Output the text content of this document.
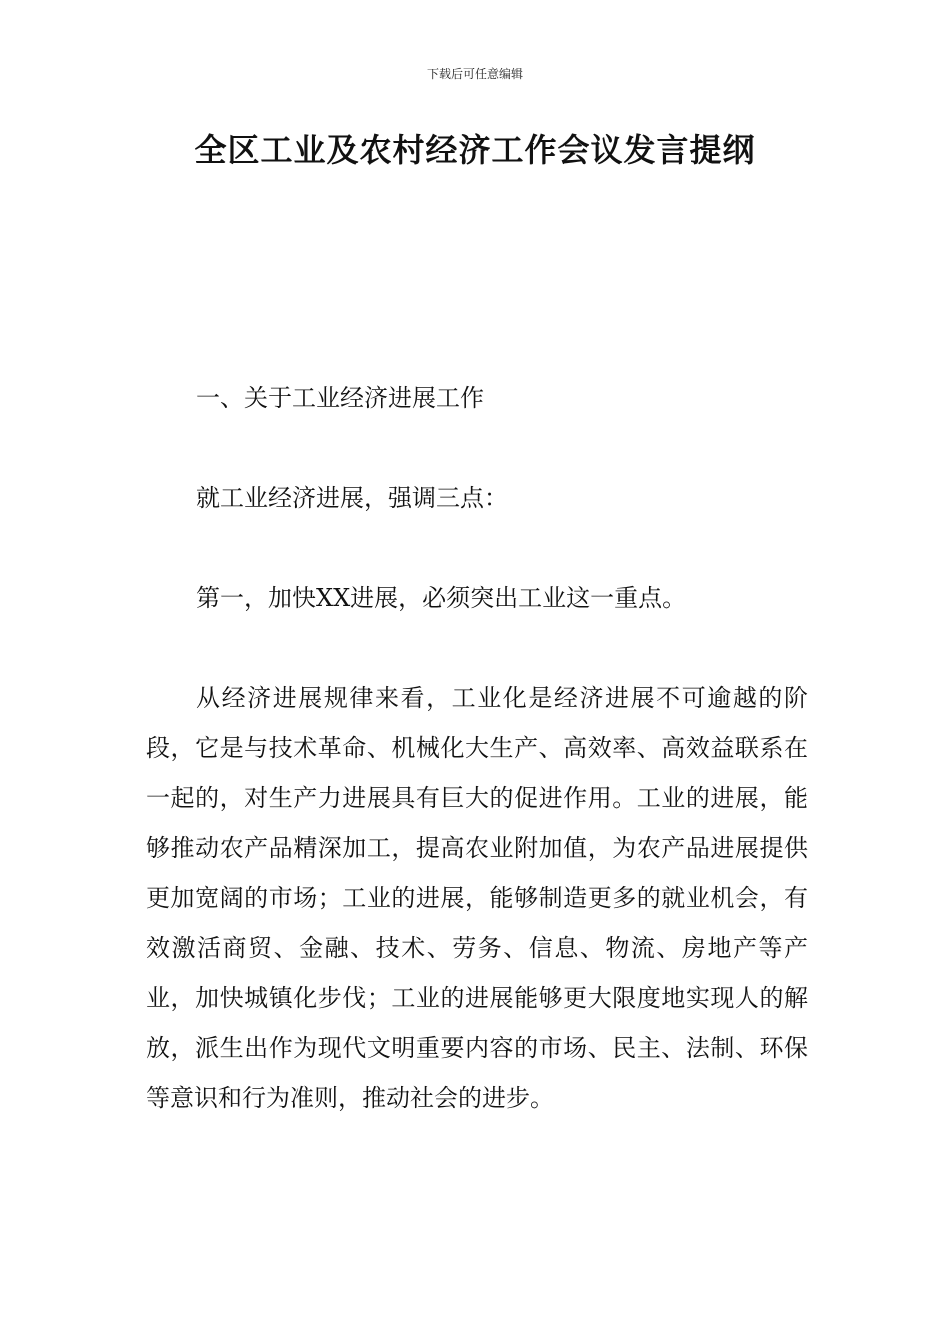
下载后可任意编辑
全区工业及农村经济工作会议发言提纲

一、关于工业经济进展工作

就工业经济进展，强调三点：

第一，加快XX进展，必须突出工业这一重点。

从经济进展规律来看，工业化是经济进展不可逾越的阶段，它是与技术革命、机械化大生产、高效率、高效益联系在一起的，对生产力进展具有巨大的促进作用。工业的进展，能够推动农产品精深加工，提高农业附加值，为农产品进展提供更加宽阔的市场；工业的进展，能够制造更多的就业机会，有效激活商贸、金融、技术、劳务、信息、物流、房地产等产业，加快城镇化步伐；工业的进展能够更大限度地实现人的解放，派生出作为现代文明重要内容的市场、民主、法制、环保等意识和行为准则，推动社会的进步。
